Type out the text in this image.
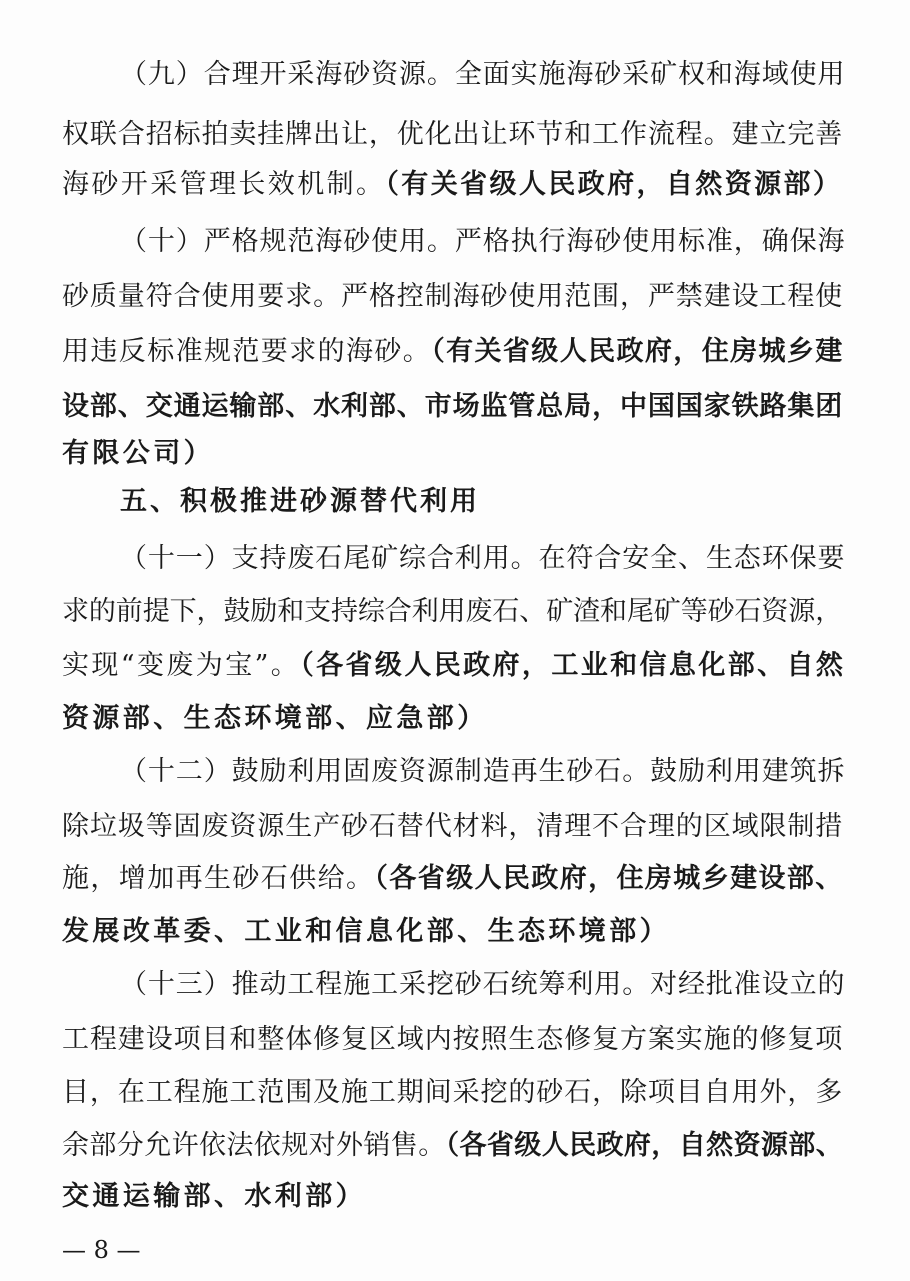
（九）合理开采海砂资源。全面实施海砂采矿权和海域使用
权联合招标拍卖挂牌出让，优化出让环节和工作流程。建立完善
海砂开采管理长效机制。（有关省级人民政府，自然资源部）
（十）严格规范海砂使用。严格执行海砂使用标准，确保海
砂质量符合使用要求。严格控制海砂使用范围，严禁建设工程使
用违反标准规范要求的海砂。（有关省级人民政府，住房城乡建
设部、交通运输部、水利部、市场监管总局，中国国家铁路集团
有限公司）
五、积极推进砂源替代利用
（十一）支持废石尾矿综合利用。在符合安全、生态环保要
求的前提下，鼓励和支持综合利用废石、矿渣和尾矿等砂石资源，
实现“变废为宝”。（各省级人民政府，工业和信息化部、自然
资源部、生态环境部、应急部）
（十二）鼓励利用固废资源制造再生砂石。鼓励利用建筑拆
除垃圾等固废资源生产砂石替代材料，清理不合理的区域限制措
施，增加再生砂石供给。（各省级人民政府，住房城乡建设部、
发展改革委、工业和信息化部、生态环境部）
（十三）推动工程施工采挖砂石统筹利用。对经批准设立的
工程建设项目和整体修复区域内按照生态修复方案实施的修复项
目，在工程施工范围及施工期间采挖的砂石，除项目自用外，多
余部分允许依法依规对外销售。（各省级人民政府，自然资源部、
交通运输部、水利部）
— 8 —
